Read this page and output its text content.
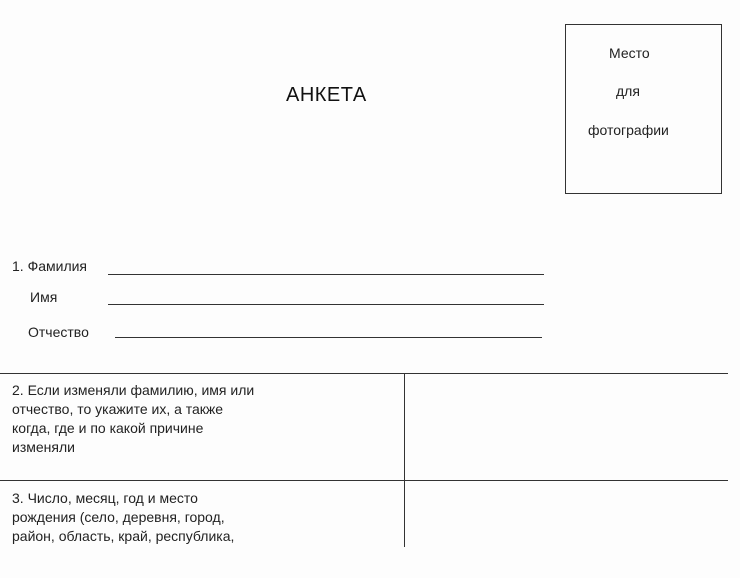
АНКЕТА
Место
для
фотографии
1. Фамилия
Имя
Отчество
2. Если изменяли фамилию, имя или
отчество, то укажите их, а также
когда, где и по какой причине
изменяли
3. Число, месяц, год и место
рождения (село, деревня, город,
район, область, край, республика,
